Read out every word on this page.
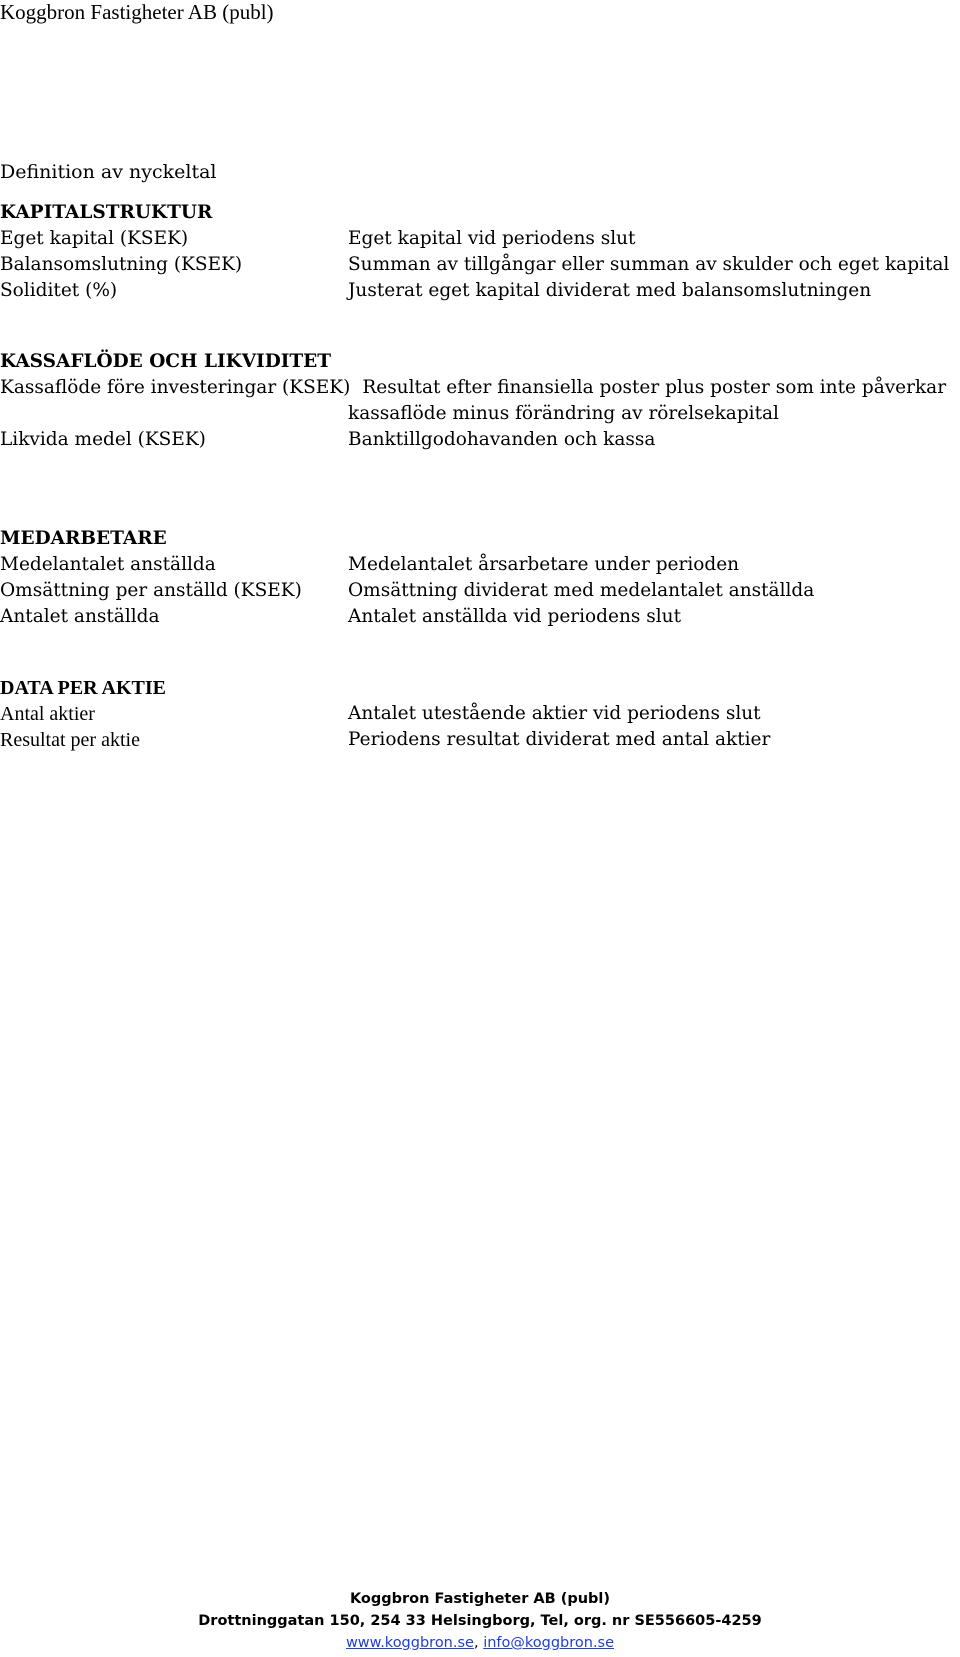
Koggbron Fastigheter AB (publ)
Definition av nyckeltal
KAPITALSTRUKTUR
Eget kapital (KSEK)	Eget kapital vid periodens slut
Balansomslutning (KSEK)	Summan av tillgångar eller summan av skulder och eget kapital
Soliditet (%)	Justerat eget kapital dividerat med balansomslutningen
KASSAFLÖDE OCH LIKVIDITET
Kassaflöde före investeringar (KSEK) Resultat efter finansiella poster plus poster som inte påverkar
kassaflöde minus förändring av rörelsekapital
Likvida medel (KSEK)	Banktillgodohavanden och kassa
MEDARBETARE
Medelantalet anställda	Medelantalet årsarbetare under perioden
Omsättning per anställd (KSEK)	Omsättning dividerat med medelantalet anställda
Antalet anställda	Antalet anställda vid periodens slut
DATA PER AKTIE
Antal aktier	Antalet utestående aktier vid periodens slut
Resultat per aktie	Periodens resultat dividerat med antal aktier
Koggbron Fastigheter AB (publ)
Drottninggatan 150, 254 33 Helsingborg, Tel, org. nr SE556605-4259
www.koggbron.se, info@koggbron.se
